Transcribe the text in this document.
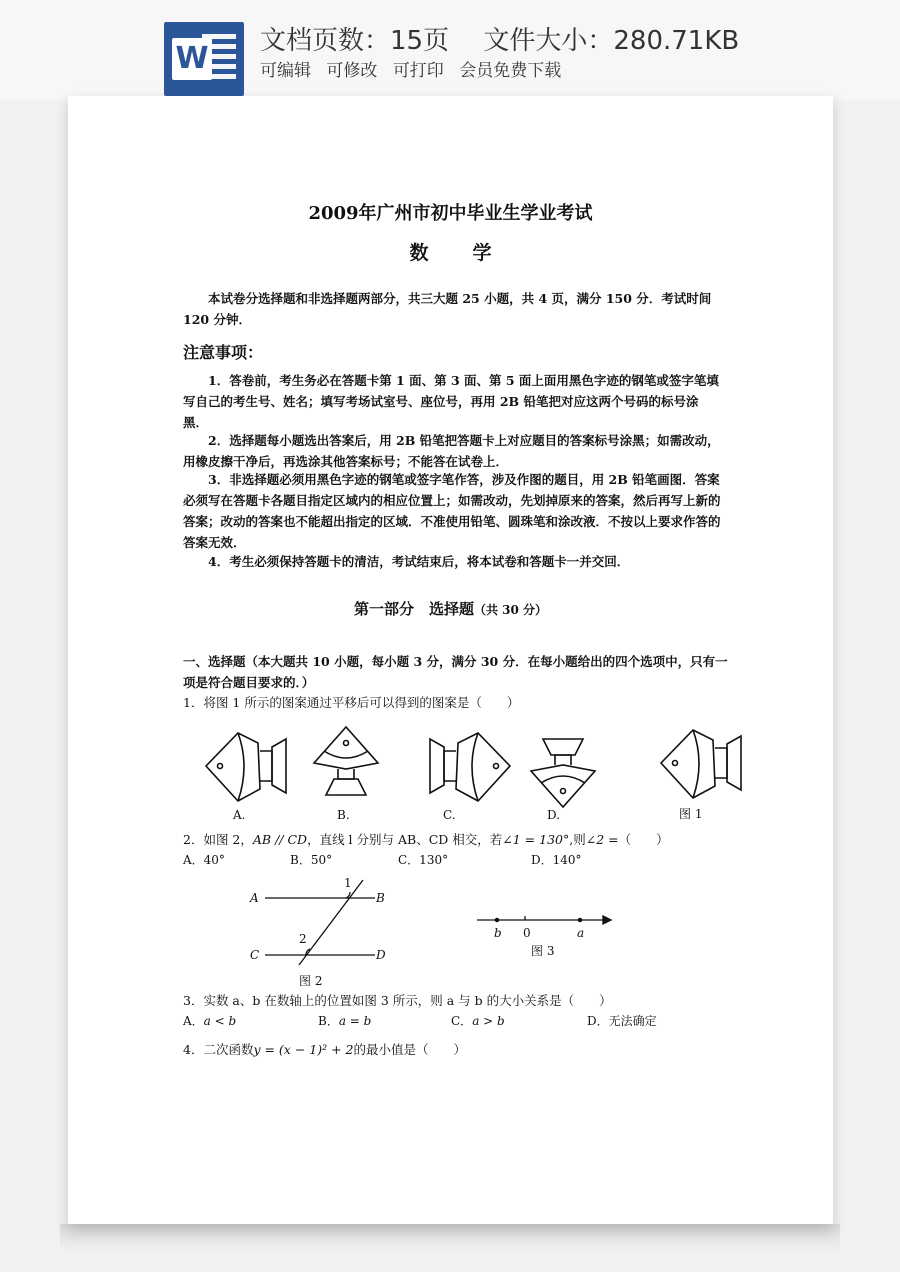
W 文档页数：15页 文件大小：280.71KB
可编辑 可修改 可打印 会员免费下载
2009年广州市初中毕业生学业考试
数学
本试卷分选择题和非选择题两部分，共三大题 25 小题，共 4 页，满分 150 分．考试时间 120 分钟．
注意事项：
1．答卷前，考生务必在答题卡第 1 面、第 3 面、第 5 面上面用黑色字迹的钢笔或签字笔填写自己的考生号、姓名；填写考场试室号、座位号，再用 2B 铅笔把对应这两个号码的标号涂黑．
2．选择题每小题选出答案后，用 2B 铅笔把答题卡上对应题目的答案标号涂黑；如需改动，用橡皮擦干净后，再选涂其他答案标号；不能答在试卷上．
3．非选择题必须用黑色字迹的钢笔或签字笔作答，涉及作图的题目，用 2B 铅笔画图．答案必须写在答题卡各题目指定区域内的相应位置上；如需改动，先划掉原来的答案，然后再写上新的答案；改动的答案也不能超出指定的区域．不准使用铅笔、圆珠笔和涂改液．不按以上要求作答的答案无效．
4．考生必须保持答题卡的清洁，考试结束后，将本试卷和答题卡一并交回．
第一部分　选择题（共 30 分）
一、选择题（本大题共 10 小题，每小题 3 分，满分 30 分．在每小题给出的四个选项中，只有一项是符合题目要求的．）
1．将图 1 所示的图案通过平移后可以得到的图案是（　　）
A.	B.	C.	D.	图 1
2．如图 2，AB // CD，直线 l 分别与 AB、CD 相交，若∠1 = 130°,则∠2 =（　　）
A．40°	B．50°	C．130°	D．140°
A	B
C	D
1
2
图 2
b 0	a
图 3
3．实数 a、b 在数轴上的位置如图 3 所示，则 a 与 b 的大小关系是（　　）
A．a < b	B．a = b	C．a > b	D．无法确定
4．二次函数y = (x − 1)² + 2的最小值是（　　）
